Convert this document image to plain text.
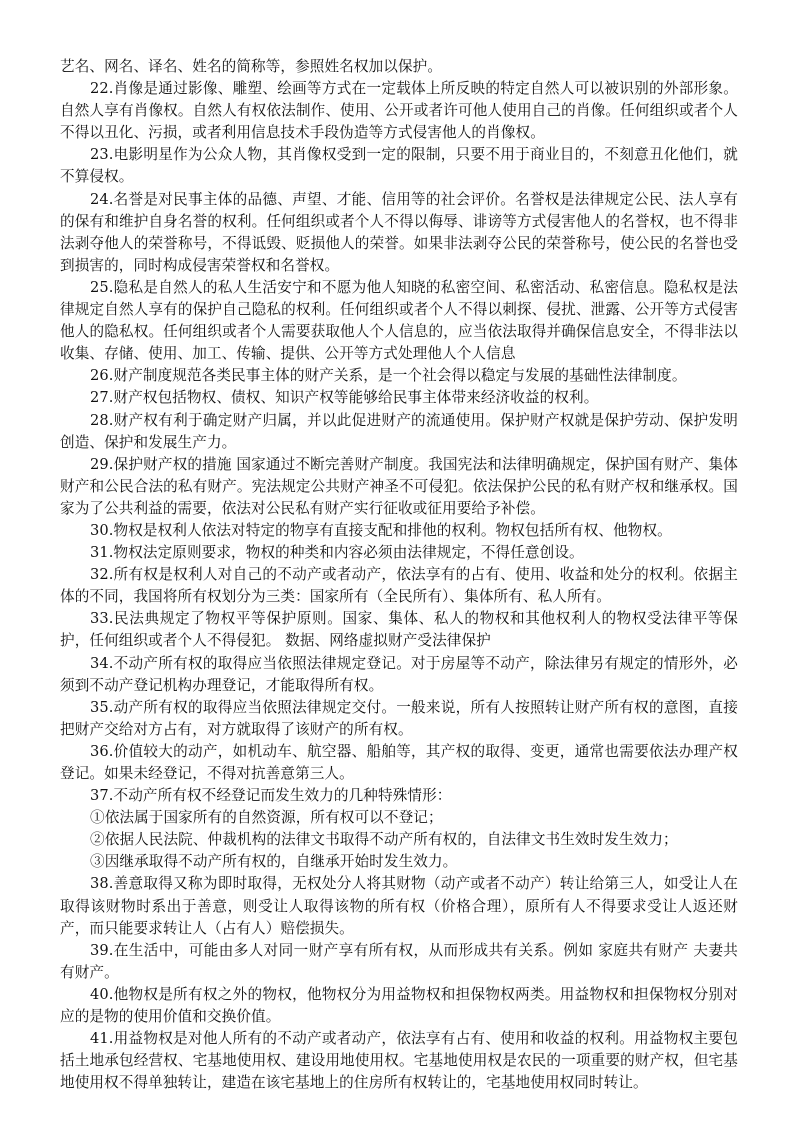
艺名、网名、译名、姓名的简称等，参照姓名权加以保护。

22.肖像是通过影像、雕塑、绘画等方式在一定载体上所反映的特定自然人可以被识别的外部形象。 自然人享有肖像权。自然人有权依法制作、使用、公开或者许可他人使用自己的肖像。任何组织或者个人不得以丑化、污损，或者利用信息技术手段伪造等方式侵害他人的肖像权。

23.电影明星作为公众人物，其肖像权受到一定的限制，只要不用于商业目的，不刻意丑化他们，就不算侵权。

24.名誉是对民事主体的品德、声望、才能、信用等的社会评价。名誉权是法律规定公民、法人享有的保有和维护自身名誉的权利。任何组织或者个人不得以侮辱、诽谤等方式侵害他人的名誉权，也不得非法剥夺他人的荣誉称号，不得诋毁、贬损他人的荣誉。如果非法剥夺公民的荣誉称号，使公民的名誉也受到损害的，同时构成侵害荣誉权和名誉权。

25.隐私是自然人的私人生活安宁和不愿为他人知晓的私密空间、私密活动、私密信息。隐私权是法律规定自然人享有的保护自己隐私的权利。任何组织或者个人不得以刺探、侵扰、泄露、公开等方式侵害他人的隐私权。任何组织或者个人需要获取他人个人信息的，应当依法取得并确保信息安全，不得非法以收集、存储、使用、加工、传输、提供、公开等方式处理他人个人信息

26.财产制度规范各类民事主体的财产关系，是一个社会得以稳定与发展的基础性法律制度。

27.财产权包括物权、债权、知识产权等能够给民事主体带来经济收益的权利。

28.财产权有利于确定财产归属，并以此促进财产的流通使用。保护财产权就是保护劳动、保护发明创造、保护和发展生产力。

29.保护财产权的措施 国家通过不断完善财产制度。我国宪法和法律明确规定，保护国有财产、集体财产和公民合法的私有财产。宪法规定公共财产神圣不可侵犯。依法保护公民的私有财产权和继承权。国家为了公共利益的需要，依法对公民私有财产实行征收或征用要给予补偿。

30.物权是权利人依法对特定的物享有直接支配和排他的权利。物权包括所有权、他物权。

31.物权法定原则要求，物权的种类和内容必须由法律规定，不得任意创设。

32.所有权是权利人对自己的不动产或者动产，依法享有的占有、使用、收益和处分的权利。依据主体的不同，我国将所有权划分为三类：国家所有（全民所有）、集体所有、私人所有。

33.民法典规定了物权平等保护原则。国家、集体、私人的物权和其他权利人的物权受法律平等保护，任何组织或者个人不得侵犯。 数据、网络虚拟财产受法律保护

34.不动产所有权的取得应当依照法律规定登记。对于房屋等不动产，除法律另有规定的情形外，必须到不动产登记机构办理登记，才能取得所有权。

35.动产所有权的取得应当依照法律规定交付。一般来说，所有人按照转让财产所有权的意图，直接把财产交给对方占有，对方就取得了该财产的所有权。

36.价值较大的动产，如机动车、航空器、船舶等，其产权的取得、变更，通常也需要依法办理产权登记。如果未经登记，不得对抗善意第三人。

37.不动产所有权不经登记而发生效力的几种特殊情形：

①依法属于国家所有的自然资源，所有权可以不登记；

②依据人民法院、仲裁机构的法律文书取得不动产所有权的，自法律文书生效时发生效力；

③因继承取得不动产所有权的，自继承开始时发生效力。

38.善意取得又称为即时取得，无权处分人将其财物（动产或者不动产）转让给第三人，如受让人在取得该财物时系出于善意，则受让人取得该物的所有权（价格合理），原所有人不得要求受让人返还财产，而只能要求转让人（占有人）赔偿损失。

39.在生活中，可能由多人对同一财产享有所有权，从而形成共有关系。例如 家庭共有财产 夫妻共有财产。

40.他物权是所有权之外的物权，他物权分为用益物权和担保物权两类。用益物权和担保物权分别对应的是物的使用价值和交换价值。

41.用益物权是对他人所有的不动产或者动产，依法享有占有、使用和收益的权利。用益物权主要包括土地承包经营权、宅基地使用权、建设用地使用权。宅基地使用权是农民的一项重要的财产权，但宅基地使用权不得单独转让，建造在该宅基地上的住房所有权转让的，宅基地使用权同时转让。
